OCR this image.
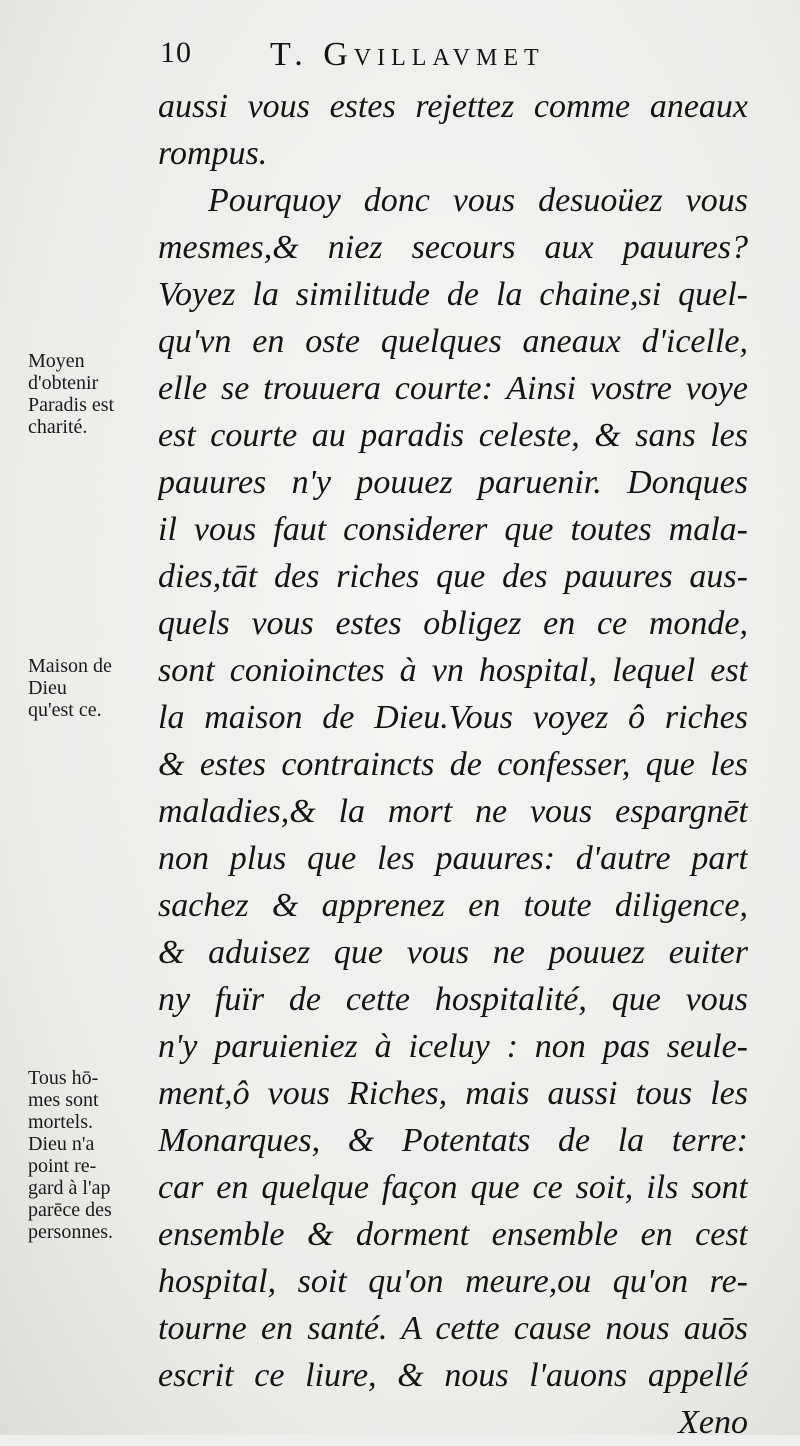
10 T. Gvillavmet
Moyen
d'obtenir
Paradis est
charité.
Maison de
Dieu
qu'est ce.
Tous hō-
mes sont
mortels.
Dieu n'a
point re-
gard à l'ap
parēce des
personnes.
aussi vous estes rejettez comme aneaux
rompus.
Pourquoy donc vous desuoüez vous
mesmes,& niez secours aux pauures?
Voyez la similitude de la chaine,si quel-
qu'vn en oste quelques aneaux d'icelle,
elle se trouuera courte: Ainsi vostre voye
est courte au paradis celeste, & sans les
pauures n'y pouuez paruenir. Donques
il vous faut considerer que toutes mala-
dies,tāt des riches que des pauures aus-
quels vous estes obligez en ce monde,
sont conioinctes à vn hospital, lequel est
la maison de Dieu.Vous voyez ô riches
& estes contraincts de confesser, que les
maladies,& la mort ne vous espargnēt
non plus que les pauures: d'autre part
sachez & apprenez en toute diligence,
& aduisez que vous ne pouuez euiter
ny fuïr de cette hospitalité, que vous
n'y paruieniez à iceluy : non pas seule-
ment,ô vous Riches, mais aussi tous les
Monarques, & Potentats de la terre:
car en quelque façon que ce soit, ils sont
ensemble & dorment ensemble en cest
hospital, soit qu'on meure,ou qu'on re-
tourne en santé. A cette cause nous auōs
escrit ce liure, & nous l'auons appellé
Xeno
